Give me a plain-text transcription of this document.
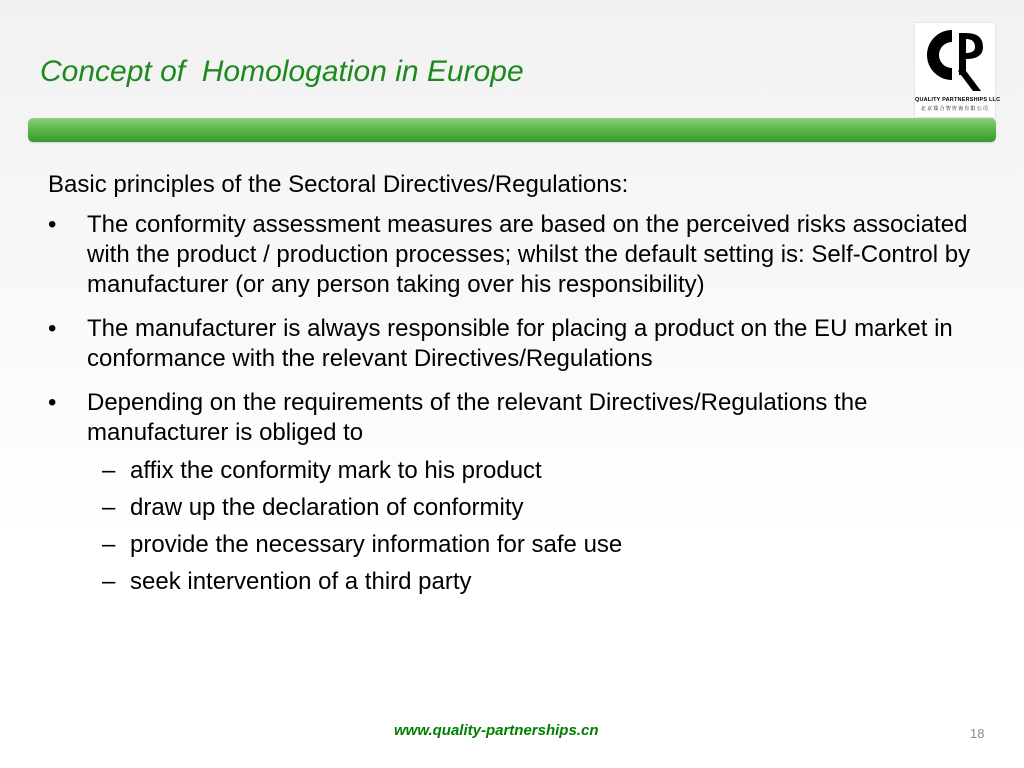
Concept of  Homologation in Europe
QUALITY PARTNERSHIPS LLC
北京瑞合智咨询有限公司
Basic principles of the Sectoral Directives/Regulations:
• The conformity assessment measures are based on the perceived risks associated with the product / production processes; whilst the default setting is: Self-Control by manufacturer (or any person taking over his responsibility)
• The manufacturer is always responsible for placing a product on the EU market in conformance with the relevant Directives/Regulations
• Depending on the requirements of the relevant Directives/Regulations the manufacturer is obliged to
– affix the conformity mark to his product
– draw up the declaration of conformity
– provide the necessary information for safe use
– seek intervention of a third party
www.quality-partnerships.cn	18
